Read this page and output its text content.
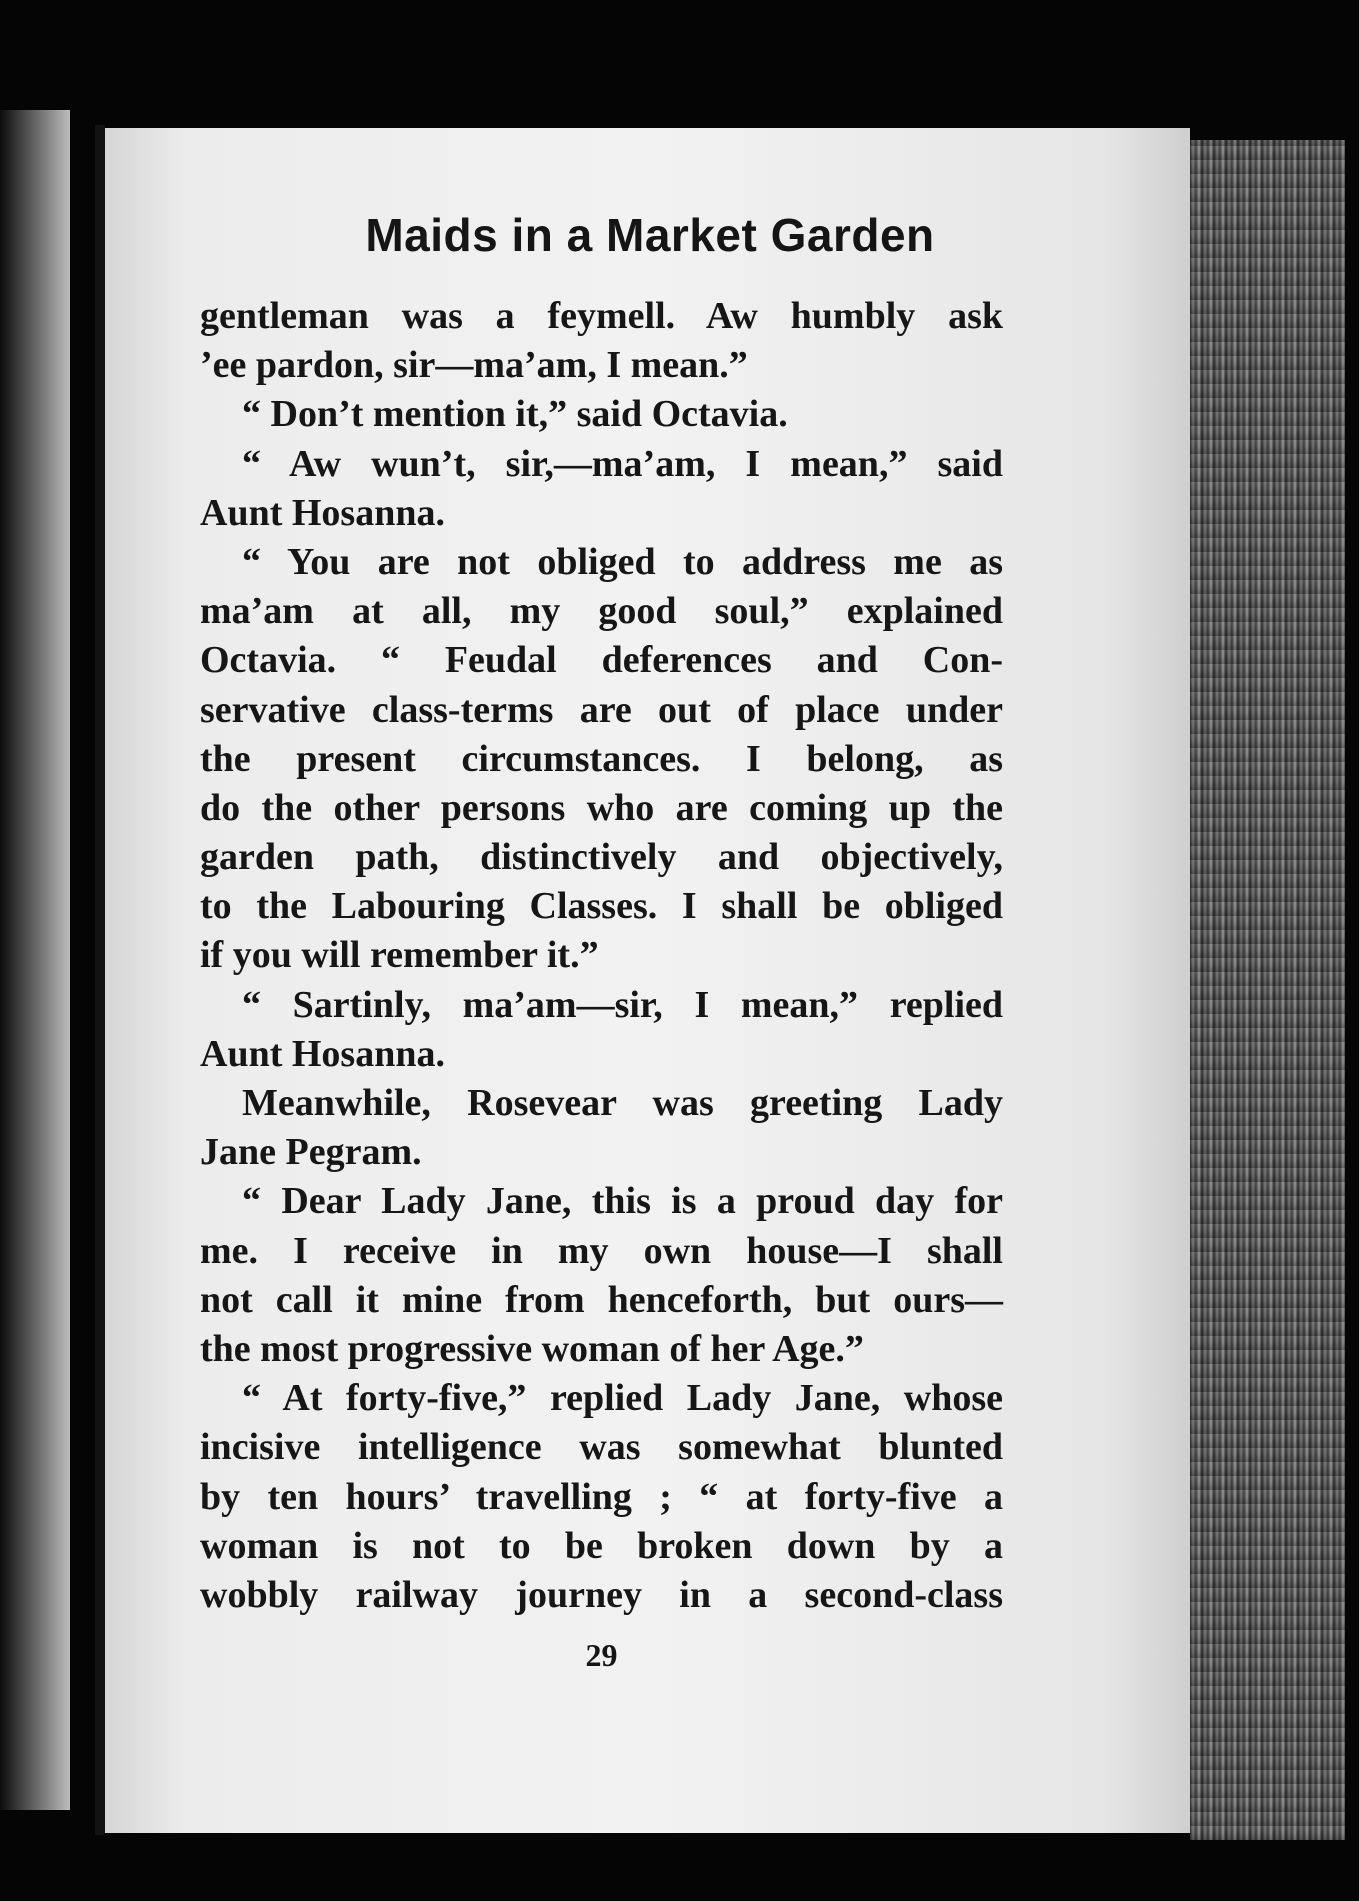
Maids in a Market Garden
gentleman was a feymell. Aw humbly ask
’ee pardon, sir—ma’am, I mean.”
“ Don’t mention it,” said Octavia.
“ Aw wun’t, sir,—ma’am, I mean,” said
Aunt Hosanna.
“ You are not obliged to address me as
ma’am at all, my good soul,” explained
Octavia. “ Feudal deferences and Con-
servative class-terms are out of place under
the present circumstances. I belong, as
do the other persons who are coming up the
garden path, distinctively and objectively,
to the Labouring Classes. I shall be obliged
if you will remember it.”
“ Sartinly, ma’am—sir, I mean,” replied
Aunt Hosanna.
Meanwhile, Rosevear was greeting Lady
Jane Pegram.
“ Dear Lady Jane, this is a proud day for
me. I receive in my own house—I shall
not call it mine from henceforth, but ours—
the most progressive woman of her Age.”
“ At forty-five,” replied Lady Jane, whose
incisive intelligence was somewhat blunted
by ten hours’ travelling ; “ at forty-five a
woman is not to be broken down by a
wobbly railway journey in a second-class
29
